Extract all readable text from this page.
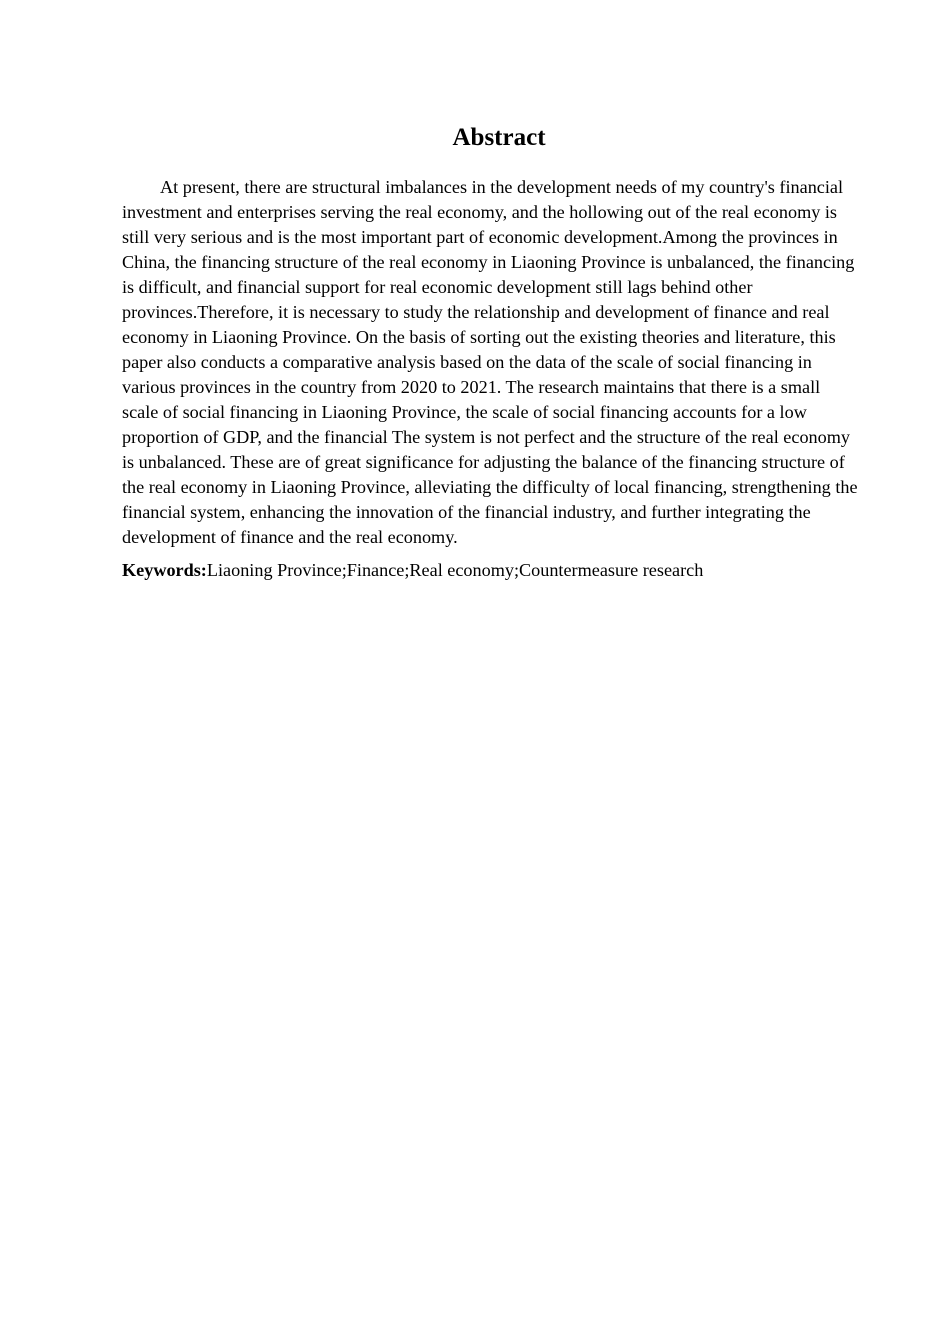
Abstract

At present, there are structural imbalances in the development needs of my country's financial investment and enterprises serving the real economy, and the hollowing out of the real economy is still very serious and is the most important part of economic development.Among the provinces in China, the financing structure of the real economy in Liaoning Province is unbalanced, the financing is difficult, and financial support for real economic development still lags behind other provinces.Therefore, it is necessary to study the relationship and development of finance and real economy in Liaoning Province. On the basis of sorting out the existing theories and literature, this paper also conducts a comparative analysis based on the data of the scale of social financing in various provinces in the country from 2020 to 2021. The research maintains that there is a small scale of social financing in Liaoning Province, the scale of social financing accounts for a low proportion of GDP, and the financial The system is not perfect and the structure of the real economy is unbalanced. These are of great significance for adjusting the balance of the financing structure of the real economy in Liaoning Province, alleviating the difficulty of local financing, strengthening the financial system, enhancing the innovation of the financial industry, and further integrating the development of finance and the real economy.

Keywords:Liaoning Province;Finance;Real economy;Countermeasure research
